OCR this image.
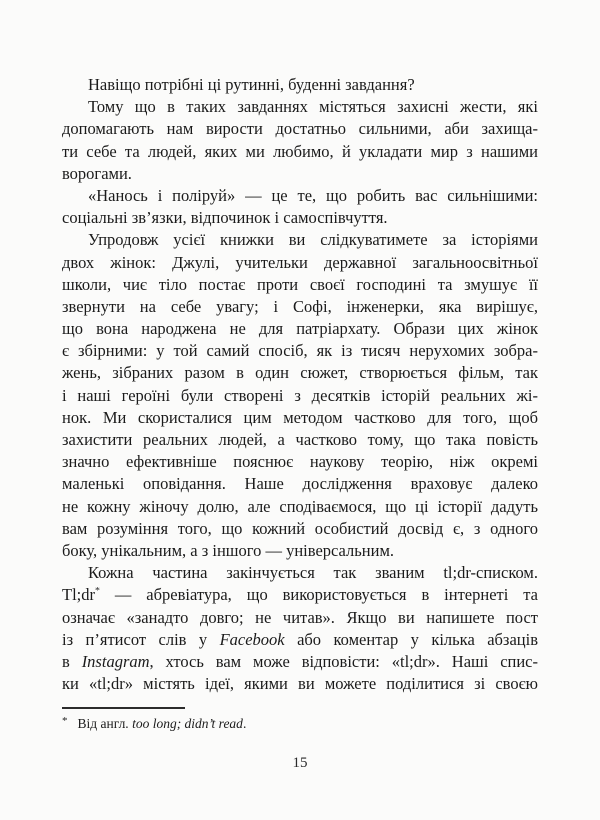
Навіщо потрібні ці рутинні, буденні завдання?
Тому що в таких завданнях містяться захисні жести, які
допомагають нам вирости достатньо сильними, аби захища-
ти себе та людей, яких ми любимо, й укладати мир з нашими
ворогами.
«Нанось і поліруй» — це те, що робить вас сильнішими:
соціальні зв’язки, відпочинок і самоспівчуття.
Упродовж усієї книжки ви слідкуватимете за історіями
двох жінок: Джулі, учительки державної загальноосвітньої
школи, чиє тіло постає проти своєї господині та змушує її
звернути на себе увагу; і Софі, інженерки, яка вирішує,
що вона народжена не для патріархату. Образи цих жінок
є збірними: у той самий спосіб, як із тисяч нерухомих зобра-
жень, зібраних разом в один сюжет, створюється фільм, так
і наші героїні були створені з десятків історій реальних жі-
нок. Ми скористалися цим методом частково для того, щоб
захистити реальних людей, а частково тому, що така повість
значно ефективніше пояснює наукову теорію, ніж окремі
маленькі оповідання. Наше дослідження враховує далеко
не кожну жіночу долю, але сподіваємося, що ці історії дадуть
вам розуміння того, що кожний особистий досвід є, з одного
боку, унікальним, а з іншого — універсальним.
Кожна частина закінчується так званим tl;dr-списком.
Tl;dr* — абревіатура, що використовується в інтернеті та
означає «занадто довго; не читав». Якщо ви напишете пост
із п’ятисот слів у Facebook або коментар у кілька абзаців
в Instagram, хтось вам може відповісти: «tl;dr». Наші спис-
ки «tl;dr» містять ідеї, якими ви можете поділитися зі своєю
* Від англ. too long; didn’t read.
15
